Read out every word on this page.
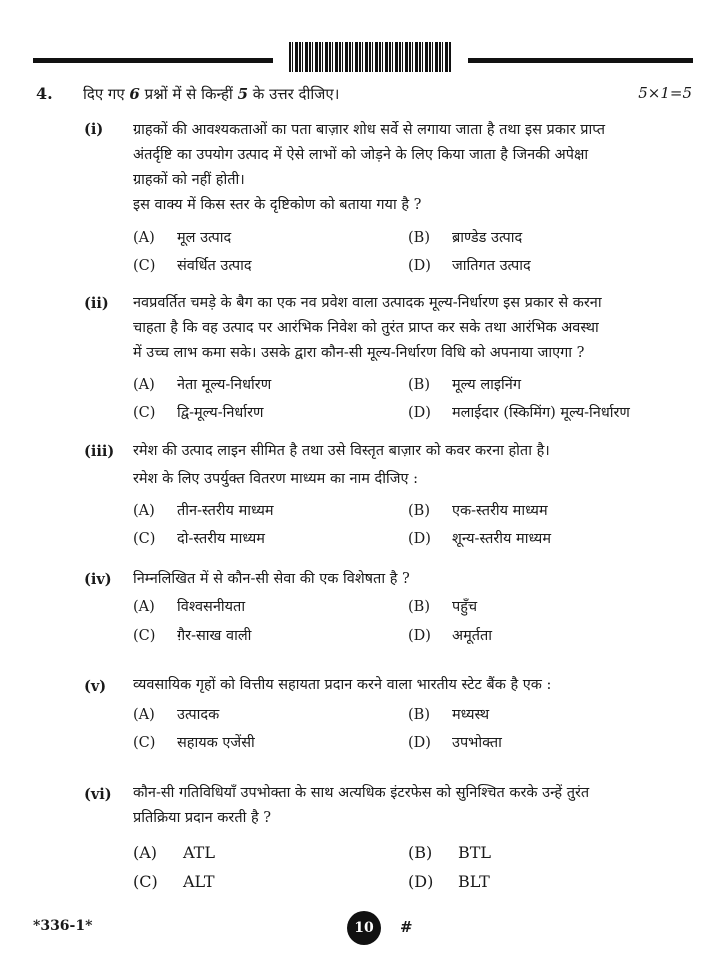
4. दिए गए 6 प्रश्नों में से किन्हीं 5 के उत्तर दीजिए।	5×1=5
(i) ग्राहकों की आवश्यकताओं का पता बाज़ार शोध सर्वे से लगाया जाता है तथा इस प्रकार प्राप्त
अंतर्दृष्टि का उपयोग उत्पाद में ऐसे लाभों को जोड़ने के लिए किया जाता है जिनकी अपेक्षा
ग्राहकों को नहीं होती।
इस वाक्य में किस स्तर के दृष्टिकोण को बताया गया है ?
(A) मूल उत्पाद	(B) ब्राण्डेड उत्पाद
(C) संवर्धित उत्पाद	(D) जातिगत उत्पाद
(ii) नवप्रवर्तित चमड़े के बैग का एक नव प्रवेश वाला उत्पादक मूल्य-निर्धारण इस प्रकार से करना
चाहता है कि वह उत्पाद पर आरंभिक निवेश को तुरंत प्राप्त कर सके तथा आरंभिक अवस्था
में उच्च लाभ कमा सके। उसके द्वारा कौन-सी मूल्य-निर्धारण विधि को अपनाया जाएगा ?
(A) नेता मूल्य-निर्धारण	(B) मूल्य लाइनिंग
(C) द्वि-मूल्य-निर्धारण	(D) मलाईदार (स्किमिंग) मूल्य-निर्धारण
(iii) रमेश की उत्पाद लाइन सीमित है तथा उसे विस्तृत बाज़ार को कवर करना होता है।
रमेश के लिए उपर्युक्त वितरण माध्यम का नाम दीजिए :
(A) तीन-स्तरीय माध्यम	(B) एक-स्तरीय माध्यम
(C) दो-स्तरीय माध्यम	(D) शून्य-स्तरीय माध्यम
(iv) निम्नलिखित में से कौन-सी सेवा की एक विशेषता है ?
(A) विश्वसनीयता	(B) पहुँच
(C) ग़ैर-साख वाली	(D) अमूर्तता
(v) व्यवसायिक गृहों को वित्तीय सहायता प्रदान करने वाला भारतीय स्टेट बैंक है एक :
(A) उत्पादक	(B) मध्यस्थ
(C) सहायक एजेंसी	(D) उपभोक्ता
(vi) कौन-सी गतिविधियाँ उपभोक्ता के साथ अत्यधिक इंटरफेस को सुनिश्चित करके उन्हें तुरंत
प्रतिक्रिया प्रदान करती है ?
(A) ATL	(B) BTL
(C) ALT	(D) BLT
*336-1*	10	#
